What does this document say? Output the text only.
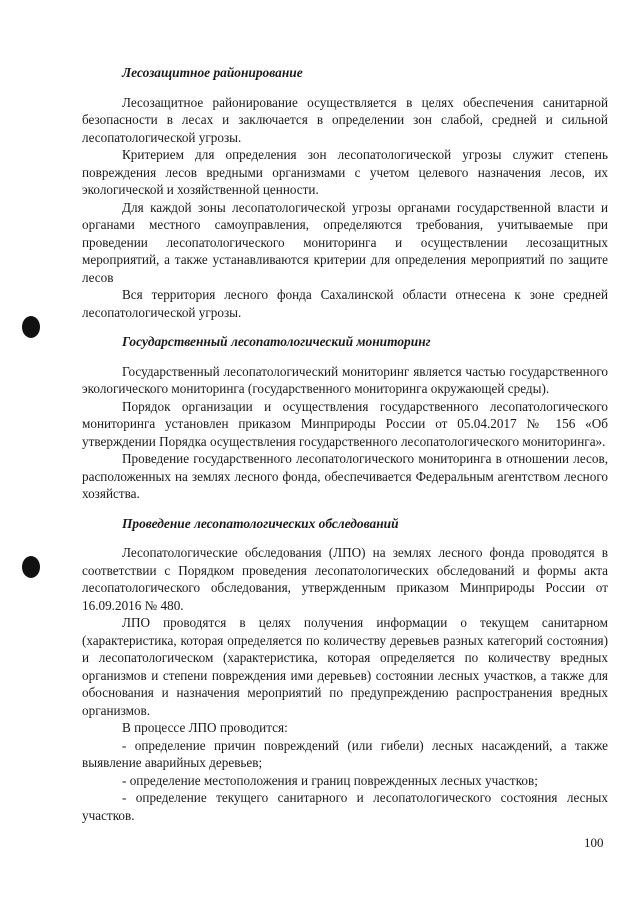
Лесозащитное районирование

Лесозащитное районирование осуществляется в целях обеспечения санитарной безопасности в лесах и заключается в определении зон слабой, средней и сильной лесопатологической угрозы.

Критерием для определения зон лесопатологической угрозы служит степень повреждения лесов вредными организмами с учетом целевого назначения лесов, их экологической и хозяйственной ценности.

Для каждой зоны лесопатологической угрозы органами государственной власти и органами местного самоуправления, определяются требования, учитываемые при проведении лесопатологического мониторинга и осуществлении лесозащитных мероприятий, а также устанавливаются критерии для определения мероприятий по защите лесов

Вся территория лесного фонда Сахалинской области отнесена к зоне средней лесопатологической угрозы.

Государственный лесопатологический мониторинг

Государственный лесопатологический мониторинг является частью государственного экологического мониторинга (государственного мониторинга окружающей среды).

Порядок организации и осуществления государственного лесопатологического мониторинга установлен приказом Минприроды России от 05.04.2017 № 156 «Об утверждении Порядка осуществления государственного лесопатологического мониторинга».

Проведение государственного лесопатологического мониторинга в отношении лесов, расположенных на землях лесного фонда, обеспечивается Федеральным агентством лесного хозяйства.

Проведение лесопатологических обследований

Лесопатологические обследования (ЛПО) на землях лесного фонда проводятся в соответствии с Порядком проведения лесопатологических обследований и формы акта лесопатологического обследования, утвержденным приказом Минприроды России от 16.09.2016 № 480.

ЛПО проводятся в целях получения информации о текущем санитарном (характеристика, которая определяется по количеству деревьев разных категорий состояния) и лесопатологическом (характеристика, которая определяется по количеству вредных организмов и степени повреждения ими деревьев) состоянии лесных участков, а также для обоснования и назначения мероприятий по предупреждению распространения вредных организмов.

В процессе ЛПО проводится:

- определение причин повреждений (или гибели) лесных насаждений, а также выявление аварийных деревьев;

- определение местоположения и границ поврежденных лесных участков;

- определение текущего санитарного и лесопатологического состояния лесных участков.

100
